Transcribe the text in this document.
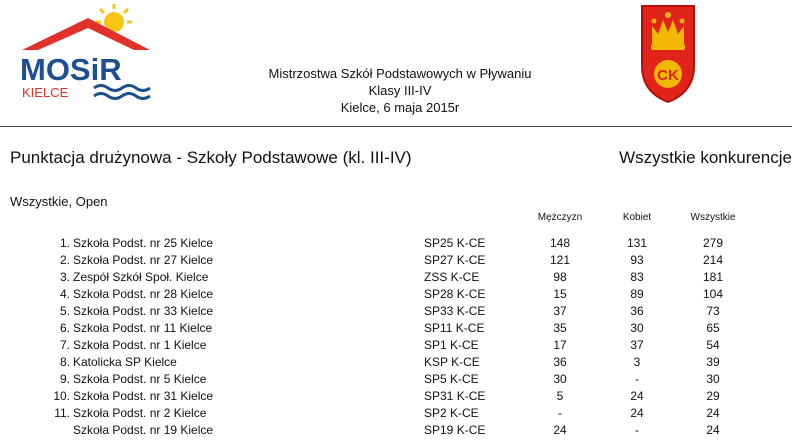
MOSiR
KIELCE
CK
Mistrzostwa Szkół Podstawowych w Pływaniu
Klasy III-IV
Kielce, 6 maja 2015r
Punktacja drużynowa - Szkoły Podstawowe (kl. III-IV)	Wszystkie konkurencje
Wszystkie, Open
Mężczyzn	Kobiet	Wszystkie
1. Szkoła Podst. nr 25 Kielce	SP25 K-CE	148	131	279
2. Szkoła Podst. nr 27 Kielce	SP27 K-CE	121	93	214
3. Zespół Szkół Społ. Kielce	ZSS K-CE	98	83	181
4. Szkoła Podst. nr 28 Kielce	SP28 K-CE	15	89	104
5. Szkoła Podst. nr 33 Kielce	SP33 K-CE	37	36	73
6. Szkoła Podst. nr 11 Kielce	SP11 K-CE	35	30	65
7. Szkoła Podst. nr 1 Kielce	SP1 K-CE	17	37	54
8. Katolicka SP Kielce	KSP K-CE	36	3	39
9. Szkoła Podst. nr 5 Kielce	SP5 K-CE	30	-	30
10. Szkoła Podst. nr 31 Kielce	SP31 K-CE	5	24	29
11. Szkoła Podst. nr 2 Kielce	SP2 K-CE	-	24	24
Szkoła Podst. nr 19 Kielce	SP19 K-CE	24	-	24
